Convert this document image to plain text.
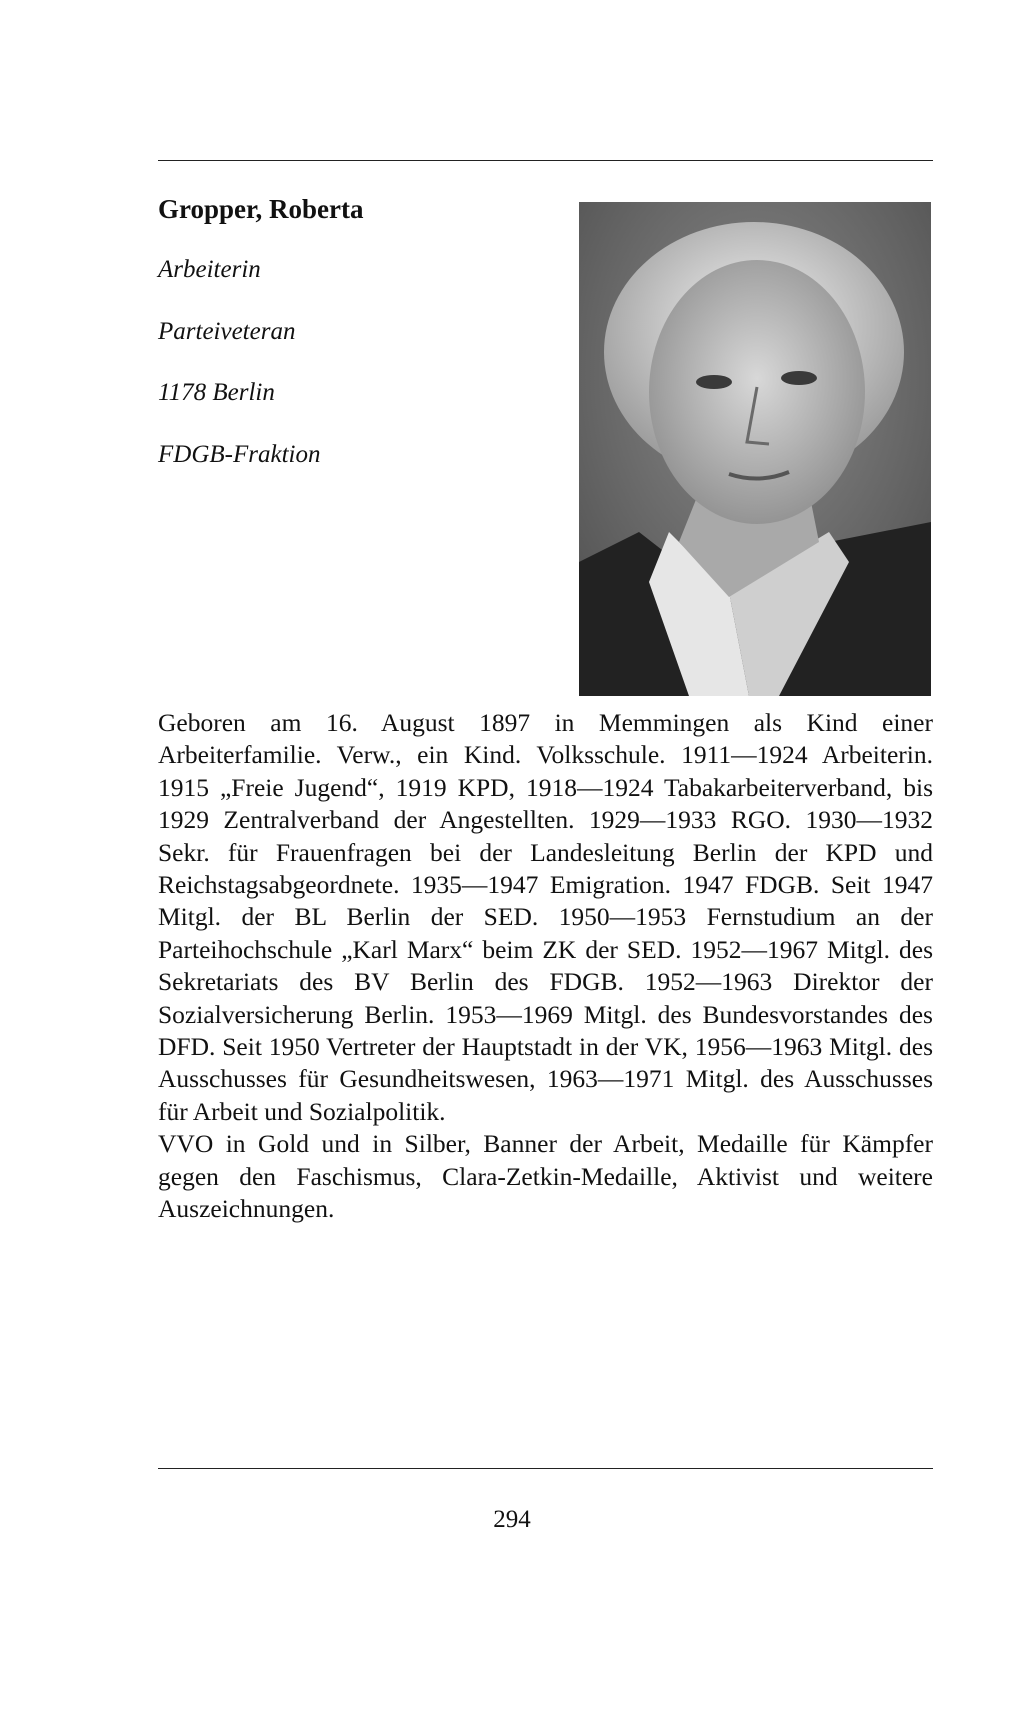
Gropper, Roberta

Arbeiterin

Parteiveteran

1178 Berlin

FDGB-Fraktion

Geboren am 16. August 1897 in Memmingen als Kind einer Arbeiterfamilie. Verw., ein Kind. Volksschule. 1911—1924 Arbeiterin. 1915 „Freie Jugend“, 1919 KPD, 1918—1924 Tabakarbeiterverband, bis 1929 Zentralverband der Angestellten. 1929—1933 RGO. 1930—1932 Sekr. für Frauenfragen bei der Landesleitung Berlin der KPD und Reichstagsabgeordnete. 1935—1947 Emigration. 1947 FDGB. Seit 1947 Mitgl. der BL Berlin der SED. 1950—1953 Fernstudium an der Parteihochschule „Karl Marx“ beim ZK der SED. 1952—1967 Mitgl. des Sekretariats des BV Berlin des FDGB. 1952—1963 Direktor der Sozialversicherung Berlin. 1953—1969 Mitgl. des Bundesvorstandes des DFD. Seit 1950 Vertreter der Hauptstadt in der VK, 1956—1963 Mitgl. des Ausschusses für Gesundheitswesen, 1963—1971 Mitgl. des Ausschusses für Arbeit und Sozialpolitik.

VVO in Gold und in Silber, Banner der Arbeit, Medaille für Kämpfer gegen den Faschismus, Clara-Zetkin-Medaille, Aktivist und weitere Auszeichnungen.

294
